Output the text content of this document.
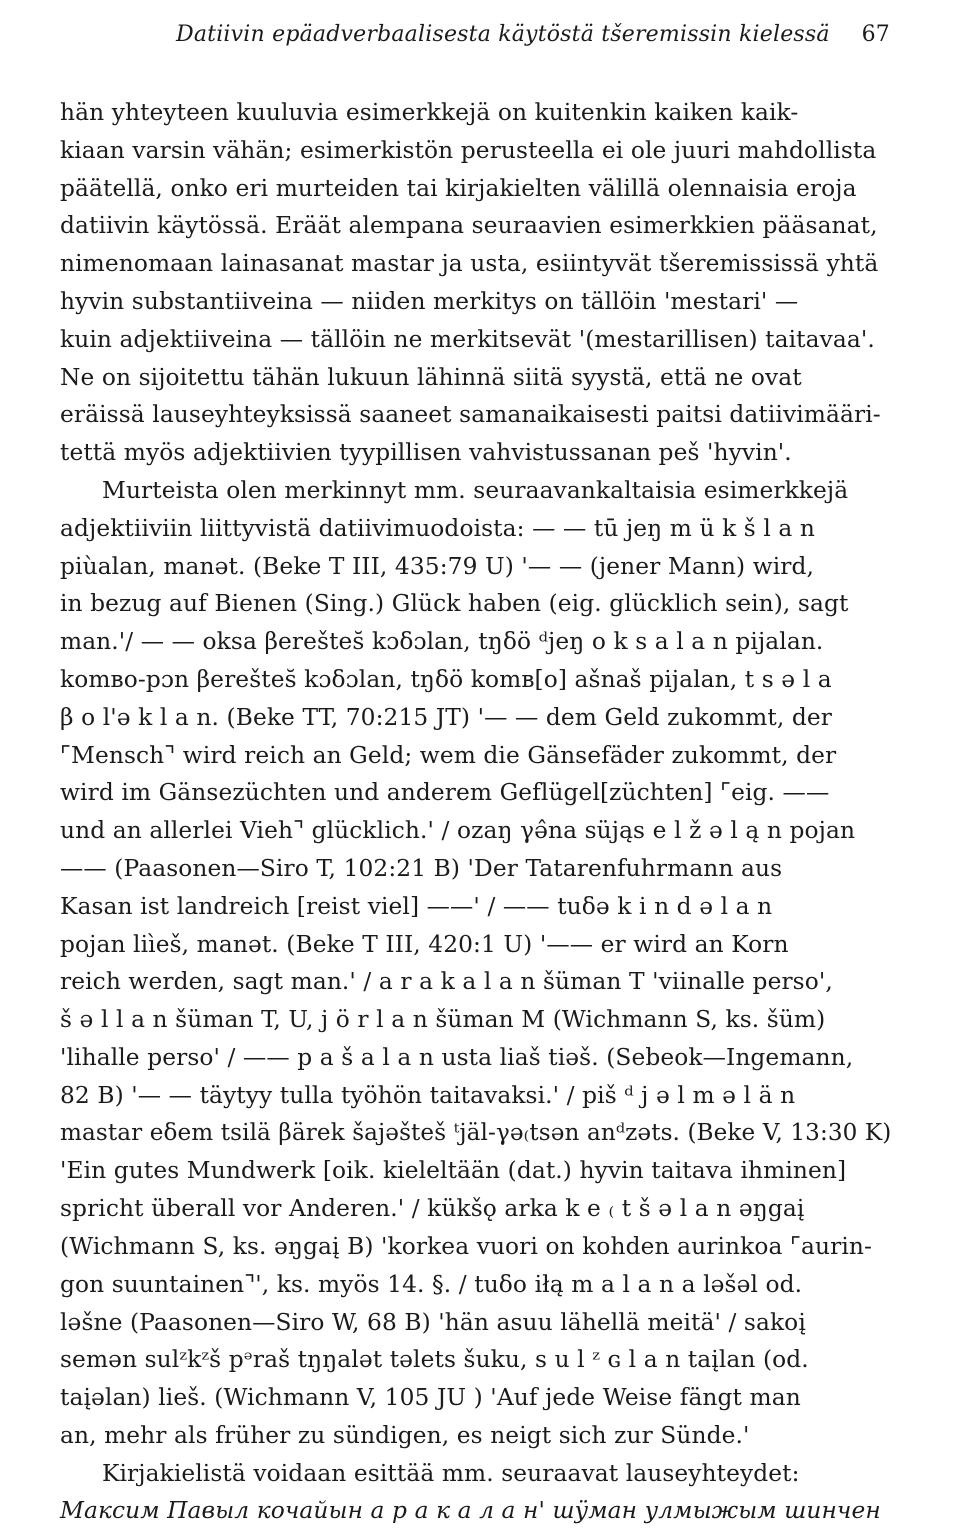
Datiivin epäadverbaalisesta käytöstä tšeremissin kielessä 67
hän yhteyteen kuuluvia esimerkkejä on kuitenkin kaiken kaik-
kiaan varsin vähän; esimerkistön perusteella ei ole juuri mahdollista
päätellä, onko eri murteiden tai kirjakielten välillä olennaisia eroja
datiivin käytössä. Eräät alempana seuraavien esimerkkien pääsanat,
nimenomaan lainasanat mastar ja usta, esiintyvät tšeremississä yhtä
hyvin substantiiveina — niiden merkitys on tällöin 'mestari' —
kuin adjektiiveina — tällöin ne merkitsevät '(mestarillisen) taitavaa'.
Ne on sijoitettu tähän lukuun lähinnä siitä syystä, että ne ovat
eräissä lauseyhteyksissä saaneet samanaikaisesti paitsi datiivimääri-
tettä myös adjektiivien tyypillisen vahvistussanan peš 'hyvin'.
Murteista olen merkinnyt mm. seuraavankaltaisia esimerkkejä
adjektiiviin liittyvistä datiivimuodoista: — — tū jeŋ m ü k š l a n
piùalan, manǝt. (Beke T III, 435:79 U) '— — (jener Mann) wird,
in bezug auf Bienen (Sing.) Glück haben (eig. glücklich sein), sagt
man.'/ — — oksa βereštes̆ kɔδɔlan, tŋδö ᵈjeŋ o k s a l a n pijalan.
komвo-pɔn βereštes̆ kɔδɔlan, tŋδö komв[o] ašnaš pijalan, t s ǝ l a
β o l'ǝ k l a n. (Beke TT, 70:215 JT) '— — dem Geld zukommt, der
⌜Mensch⌝ wird reich an Geld; wem die Gänsefäder zukommt, der
wird im Gänsezüchten und anderem Geflügel[züchten] ⌜eig. ——
und an allerlei Vieh⌝ glücklich.' / ozaŋ γǝ̂na süjąs e l ž ǝ l ą n pojan
—— (Paasonen—Siro T, 102:21 B) 'Der Tatarenfuhrmann aus
Kasan ist landreich [reist viel] ——' / —— tuδǝ k i n d ǝ l a n
pojan liìeš, manǝt. (Beke T III, 420:1 U) '—— er wird an Korn
reich werden, sagt man.' / a r a k a l a n šüman T 'viinalle perso',
š ǝ l l a n šüman T, U, j ö r l a n šüman M (Wichmann S, ks. šüm)
'lihalle perso' / —— p a š a l a n usta liaš tiǝš. (Sebeok—Ingemann,
82 B) '— — täytyy tulla työhön taitavaksi.' / piš ᵈ j ǝ l m ǝ l ä n
mastar eδem tsilä βärek šajǝšteš ᵗjäl-γǝ₍tsǝn anᵈzǝts. (Beke V, 13:30 K)
'Ein gutes Mundwerk [oik. kieleltään (dat.) hyvin taitava ihminen]
spricht überall vor Anderen.' / kükšǫ arka k e ₍ t š ǝ l a n ǝŋgaį
(Wichmann S, ks. ǝŋgaį B) 'korkea vuori on kohden aurinkoa ⌜aurin-
gon suuntainen⌝', ks. myös 14. §. / tuδo iłą m a l a n a lǝšǝl od.
lǝšne (Paasonen—Siro W, 68 B) 'hän asuu lähellä meitä' / sakoį
semǝn sulᶻkᶻš pᵊraš tŋŋalǝt tǝlets šuku, s u l ᶻ ɢ l a n taįlan (od.
taįǝlan) lieš. (Wichmann V, 105 JU ) 'Auf jede Weise fängt man
an, mehr als früher zu sündigen, es neigt sich zur Sünde.'
Kirjakielistä voidaan esittää mm. seuraavat lauseyhteydet:
Максим Павыл кочайын а р а к а л а н' шӱман улмыжым шинчен
